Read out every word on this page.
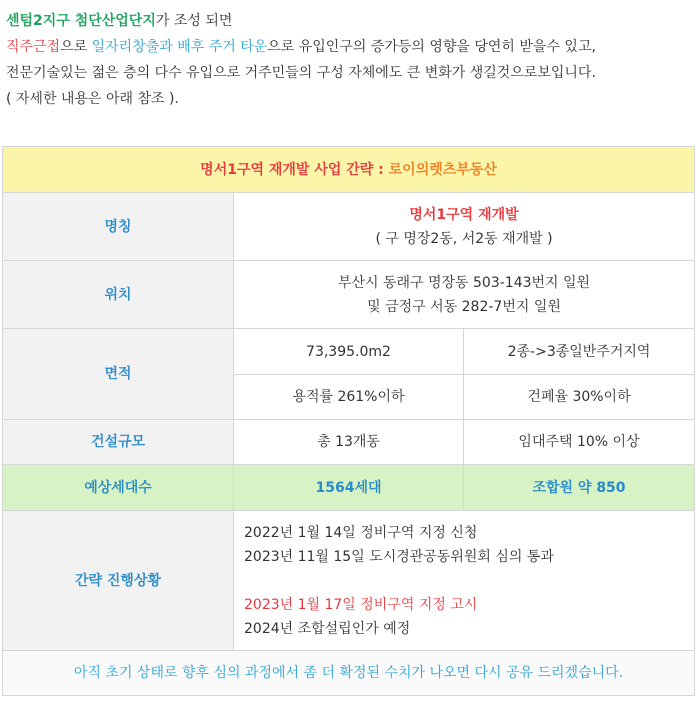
센텀2지구 첨단산업단지가 조성 되면

직주근접으로 일자리창출과 배후 주거 타운으로 유입인구의 증가등의 영향을 당연히 받을수 있고,

전문기술있는 젊은 층의 다수 유입으로 거주민들의 구성 자체에도 큰 변화가 생길것으로보입니다.

( 자세한 내용은 아래 참조 ).

명서1구역 재개발 사업 간략 : 로이의렛츠부동산		
명칭	명서1구역 재개발
( 구 명장2동, 서2동 재개발 )	

위치	부산시 동래구 명장동 503-143번지 일원
및 금정구 서동 282-7번지 일원	

면적	73,395.0m2	2종->3종일반주거지역
	용적률 261%이하	건폐율 30%이하
건설규모	총 13개동	임대주택 10% 이상
예상세대수	1564세대	조합원 약 850
간략 진행상황	2022년 1월 14일 정비구역 지정 신청
2023년 11월 15일 도시경관공동위원회 심의 통과
2023년 1월 17일 정비구역 지정 고시
2024년 조합설립인가 예정	

아직 초기 상태로 향후 심의 과정에서 좀 더 확정된 수치가 나오면 다시 공유 드리겠습니다.		
